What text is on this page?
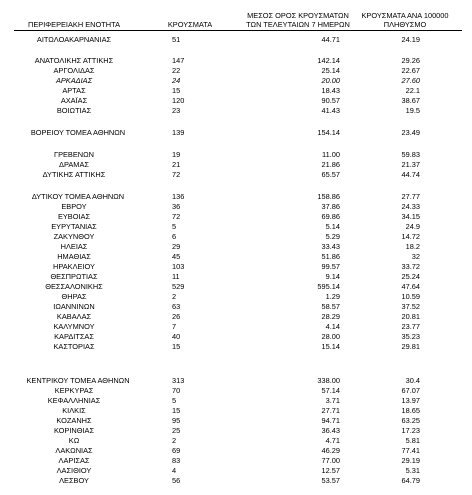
ΠΕΡΙΦΕΡΕΙΑΚΗ ΕΝΟΤΗΤΑ	ΚΡΟΥΣΜΑΤΑ
ΜΕΣΟΣ ΟΡΟΣ ΚΡΟΥΣΜΑΤΩΝ
ΤΩΝ ΤΕΛΕΥΤΑΙΩΝ 7 ΗΜΕΡΩΝ
ΚΡΟΥΣΜΑΤΑ ΑΝΑ 100000
ΠΛΗΘΥΣΜΟ
ΑΙΤΩΛΟΑΚΑΡΝΑΝΙΑΣ	51	44.71	24.19
ΑΝΑΤΟΛΙΚΗΣ ΑΤΤΙΚΗΣ	147	142.14	29.26
ΑΡΓΟΛΙΔΑΣ	22	25.14	22.67
ΑΡΚΑΔΙΑΣ	24	20.00	27.60
ΑΡΤΑΣ	15	18.43	22.1
ΑΧΑΪΑΣ	120	90.57	38.67
ΒΟΙΩΤΙΑΣ	23	41.43	19.5
ΒΟΡΕΙΟΥ ΤΟΜΕΑ ΑΘΗΝΩΝ	139	154.14	23.49
ΓΡΕΒΕΝΩΝ	19	11.00	59.83
ΔΡΑΜΑΣ	21	21.86	21.37
ΔΥΤΙΚΗΣ ΑΤΤΙΚΗΣ	72	65.57	44.74
ΔΥΤΙΚΟΥ ΤΟΜΕΑ ΑΘΗΝΩΝ	136	158.86	27.77
ΕΒΡΟΥ	36	37.86	24.33
ΕΥΒΟΙΑΣ	72	69.86	34.15
ΕΥΡΥΤΑΝΙΑΣ	5	5.14	24.9
ΖΑΚΥΝΘΟΥ	6	5.29	14.72
ΗΛΕΙΑΣ	29	33.43	18.2
ΗΜΑΘΙΑΣ	45	51.86	32
ΗΡΑΚΛΕΙΟΥ	103	99.57	33.72
ΘΕΣΠΡΩΤΙΑΣ	11	9.14	25.24
ΘΕΣΣΑΛΟΝΙΚΗΣ	529	595.14	47.64
ΘΗΡΑΣ	2	1.29	10.59
ΙΩΑΝΝΙΝΩΝ	63	58.57	37.52
ΚΑΒΑΛΑΣ	26	28.29	20.81
ΚΑΛΥΜΝΟΥ	7	4.14	23.77
ΚΑΡΔΙΤΣΑΣ	40	28.00	35.23
ΚΑΣΤΟΡΙΑΣ	15	15.14	29.81
ΚΕΝΤΡΙΚΟΥ ΤΟΜΕΑ ΑΘΗΝΩΝ	313	338.00	30.4
ΚΕΡΚΥΡΑΣ	70	57.14	67.07
ΚΕΦΑΛΛΗΝΙΑΣ	5	3.71	13.97
ΚΙΛΚΙΣ	15	27.71	18.65
ΚΟΖΑΝΗΣ	95	94.71	63.25
ΚΟΡΙΝΘΙΑΣ	25	36.43	17.23
ΚΩ	2	4.71	5.81
ΛΑΚΩΝΙΑΣ	69	46.29	77.41
ΛΑΡΙΣΑΣ	83	77.00	29.19
ΛΑΣΙΘΙΟΥ	4	12.57	5.31
ΛΕΣΒΟΥ	56	53.57	64.79
